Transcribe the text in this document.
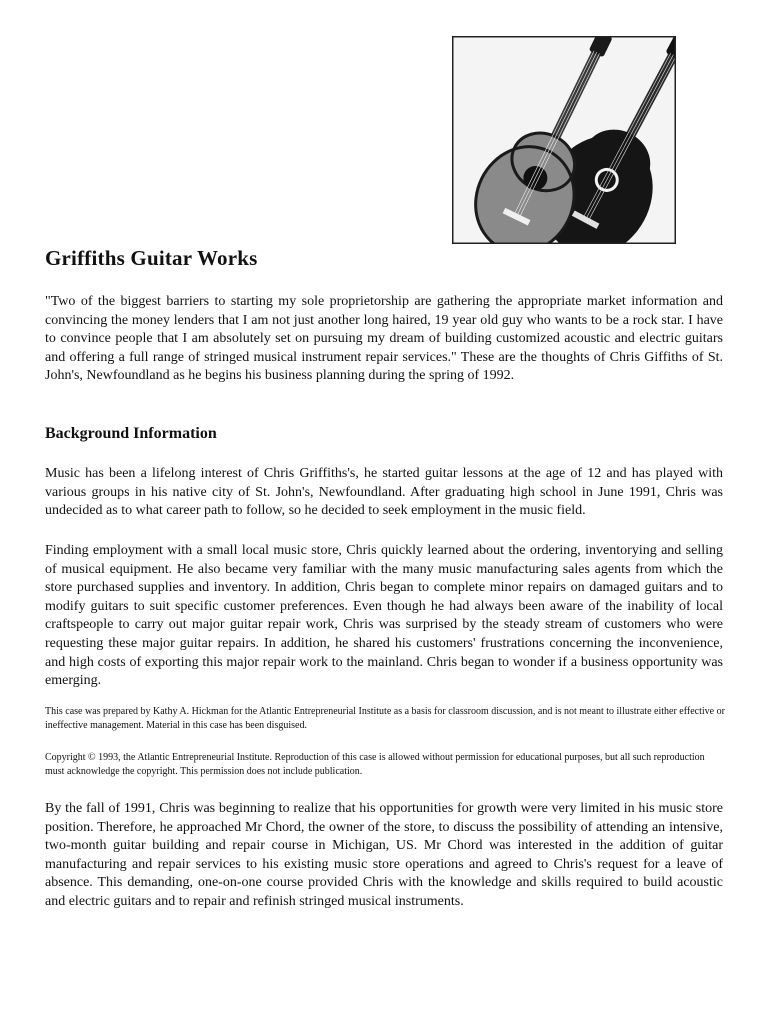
Griffiths Guitar Works

"Two of the biggest barriers to starting my sole proprietorship are gathering the appropriate market information and convincing the money lenders that I am not just another long haired, 19 year old guy who wants to be a rock star. I have to convince people that I am absolutely set on pursuing my dream of building customized acoustic and electric guitars and offering a full range of stringed musical instrument repair services." These are the thoughts of Chris Giffiths of St. John's, Newfoundland as he begins his business planning during the spring of 1992.

Background Information

Music has been a lifelong interest of Chris Griffiths's, he started guitar lessons at the age of 12 and has played with various groups in his native city of St. John's, Newfoundland. After graduating high school in June 1991, Chris was undecided as to what career path to follow, so he decided to seek employment in the music field.

Finding employment with a small local music store, Chris quickly learned about the ordering, inventorying and selling of musical equipment. He also became very familiar with the many music manufacturing sales agents from which the store purchased supplies and inventory. In addition, Chris began to complete minor repairs on damaged guitars and to modify guitars to suit specific customer preferences. Even though he had always been aware of the inability of local craftspeople to carry out major guitar repair work, Chris was surprised by the steady stream of customers who were requesting these major guitar repairs. In addition, he shared his customers' frustrations concerning the inconvenience, and high costs of exporting this major repair work to the mainland. Chris began to wonder if a business opportunity was emerging.

This case was prepared by Kathy A. Hickman for the Atlantic Entrepreneurial Institute as a basis for classroom discussion, and is not meant to illustrate either effective or ineffective management. Material in this case has been disguised.

Copyright © 1993, the Atlantic Entrepreneurial Institute. Reproduction of this case is allowed without permission for educational purposes, but all such reproduction must acknowledge the copyright. This permission does not include publication.

By the fall of 1991, Chris was beginning to realize that his opportunities for growth were very limited in his music store position. Therefore, he approached Mr Chord, the owner of the store, to discuss the possibility of attending an intensive, two-month guitar building and repair course in Michigan, US. Mr Chord was interested in the addition of guitar manufacturing and repair services to his existing music store operations and agreed to Chris's request for a leave of absence. This demanding, one-on-one course provided Chris with the knowledge and skills required to build acoustic and electric guitars and to repair and refinish stringed musical instruments.
